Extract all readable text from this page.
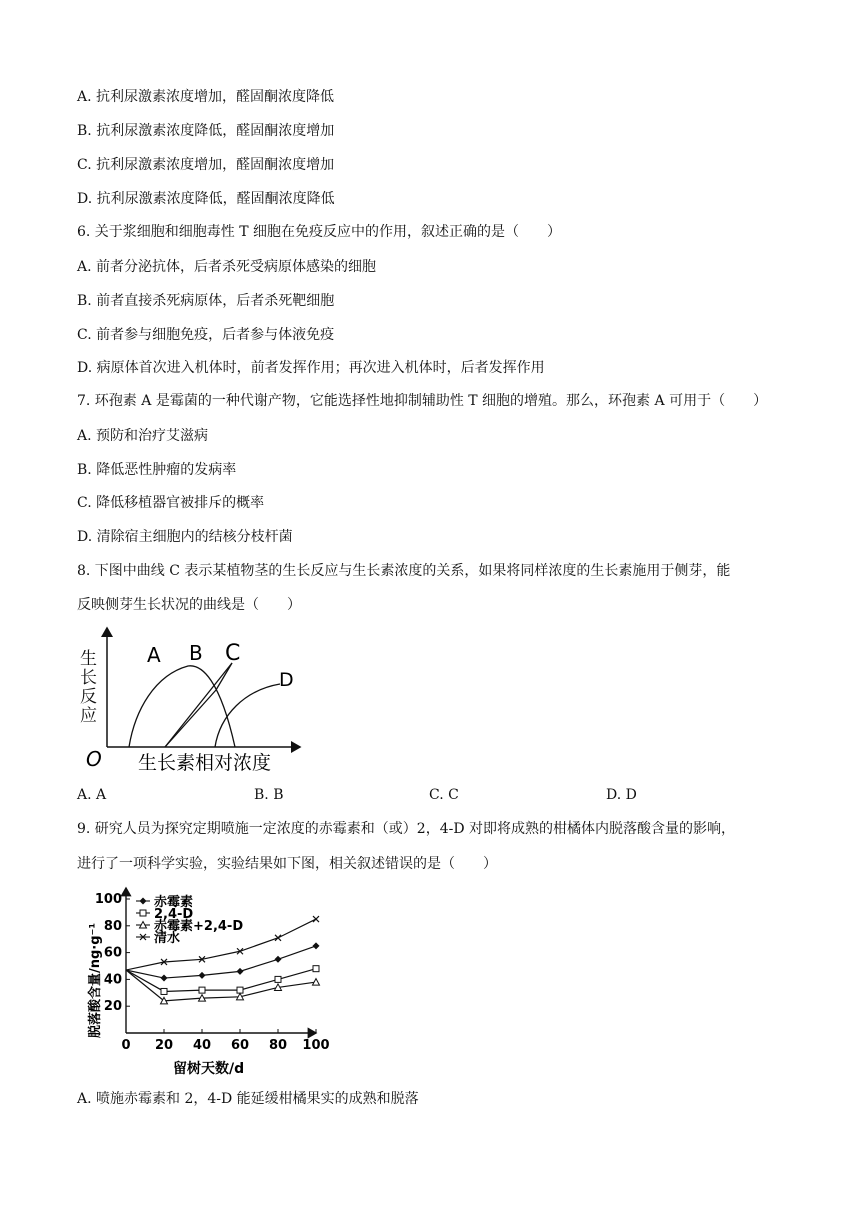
A. 抗利尿激素浓度增加，醛固酮浓度降低
B. 抗利尿激素浓度降低，醛固酮浓度增加
C. 抗利尿激素浓度增加，醛固酮浓度增加
D. 抗利尿激素浓度降低，醛固酮浓度降低
6. 关于浆细胞和细胞毒性 T 细胞在免疫反应中的作用，叙述正确的是（　　）
A. 前者分泌抗体，后者杀死受病原体感染的细胞
B. 前者直接杀死病原体，后者杀死靶细胞
C. 前者参与细胞免疫，后者参与体液免疫
D. 病原体首次进入机体时，前者发挥作用；再次进入机体时，后者发挥作用
7. 环孢素 A 是霉菌的一种代谢产物，它能选择性地抑制辅助性 T 细胞的增殖。那么，环孢素 A 可用于（　　）
A. 预防和治疗艾滋病
B. 降低恶性肿瘤的发病率
C. 降低移植器官被排斥的概率
D. 清除宿主细胞内的结核分枝杆菌
8. 下图中曲线 C 表示某植物茎的生长反应与生长素浓度的关系，如果将同样浓度的生长素施用于侧芽，能
反映侧芽生长状况的曲线是（　　）
A B C
D
O 生长素相对浓度
生长反应
A. A	B. B	C. C	D. D
9. 研究人员为探究定期喷施一定浓度的赤霉素和（或）2，4-D 对即将成熟的柑橘体内脱落酸含量的影响，
进行了一项科学实验，实验结果如下图，相关叙述错误的是（　　）
0 20 40 60 80 100
20
40
60
80
100 赤霉素
2,4-D
赤霉素+2,4-D
清水
留树天数/d
脱落酸含量/ng·g⁻¹
A. 喷施赤霉素和 2，4-D 能延缓柑橘果实的成熟和脱落
